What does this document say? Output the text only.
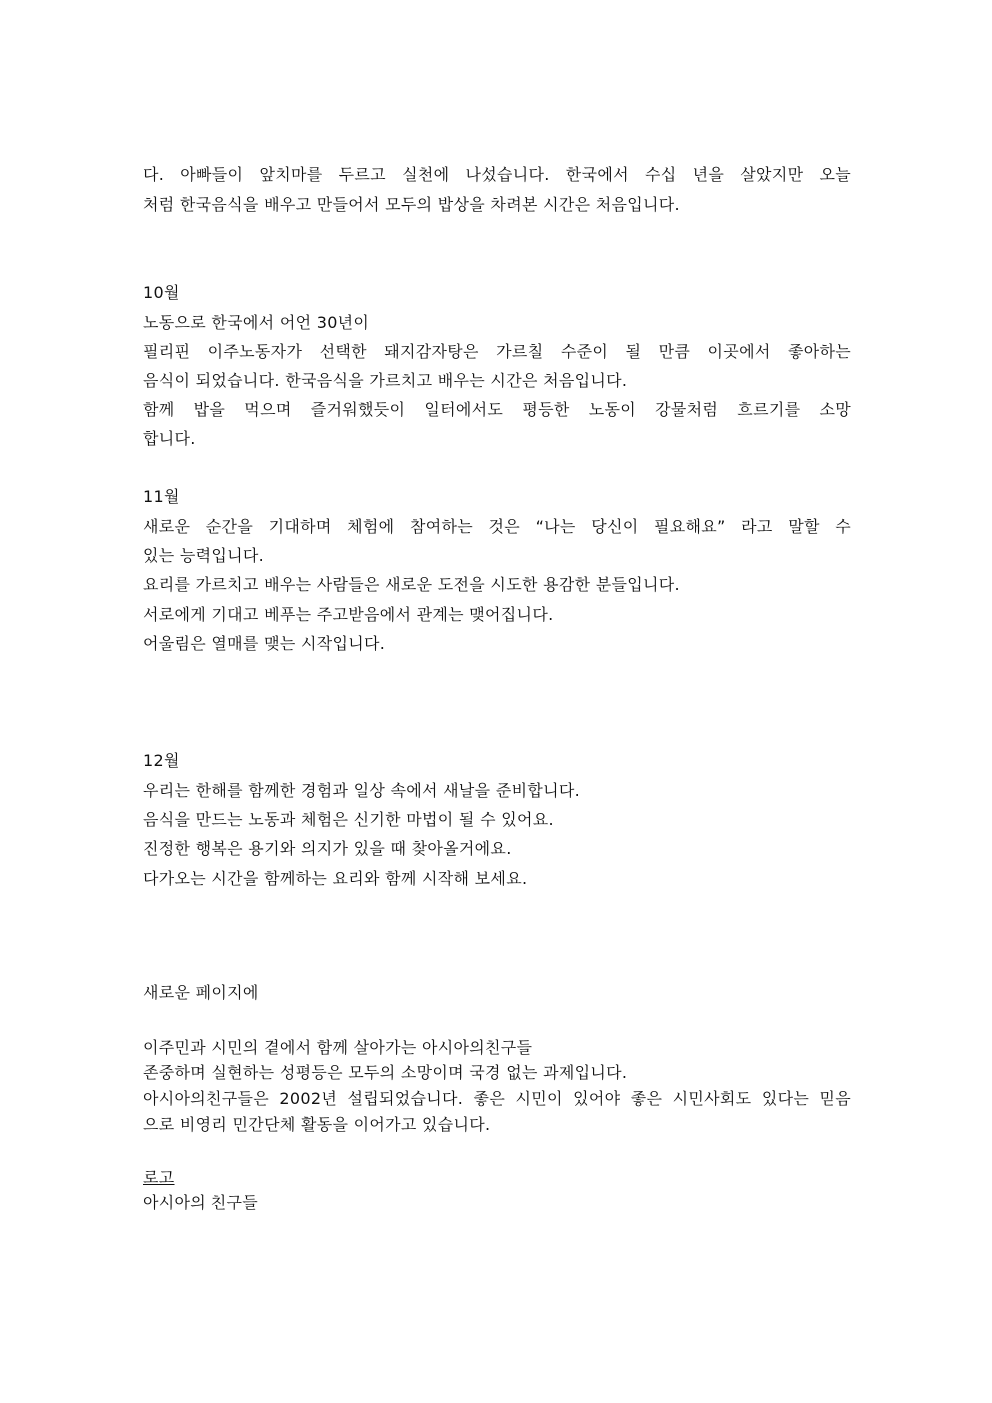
다. 아빠들이 앞치마를 두르고 실천에 나섰습니다. 한국에서 수십 년을 살았지만 오늘
처럼 한국음식을 배우고 만들어서 모두의 밥상을 차려본 시간은 처음입니다.
10월
노동으로 한국에서 어언 30년이
필리핀 이주노동자가 선택한 돼지감자탕은 가르칠 수준이 될 만큼 이곳에서 좋아하는
음식이 되었습니다. 한국음식을 가르치고 배우는 시간은 처음입니다.
함께 밥을 먹으며 즐거워했듯이 일터에서도 평등한 노동이 강물처럼 흐르기를 소망
합니다.
11월
새로운 순간을 기대하며 체험에 참여하는 것은 “나는 당신이 필요해요” 라고 말할 수
있는 능력입니다.
요리를 가르치고 배우는 사람들은 새로운 도전을 시도한 용감한 분들입니다.
서로에게 기대고 베푸는 주고받음에서 관계는 맺어집니다.
어울림은 열매를 맺는 시작입니다.
12월
우리는 한해를 함께한 경험과 일상 속에서 새날을 준비합니다.
음식을 만드는 노동과 체험은 신기한 마법이 될 수 있어요.
진정한 행복은 용기와 의지가 있을 때 찾아올거에요.
다가오는 시간을 함께하는 요리와 함께 시작해 보세요.
새로운 페이지에
이주민과 시민의 곁에서 함께 살아가는 아시아의친구들
존중하며 실현하는 성평등은 모두의 소망이며 국경 없는 과제입니다.
아시아의친구들은 2002년 설립되었습니다. 좋은 시민이 있어야 좋은 시민사회도 있다는 믿음
으로 비영리 민간단체 활동을 이어가고 있습니다.
로고
아시아의 친구들
